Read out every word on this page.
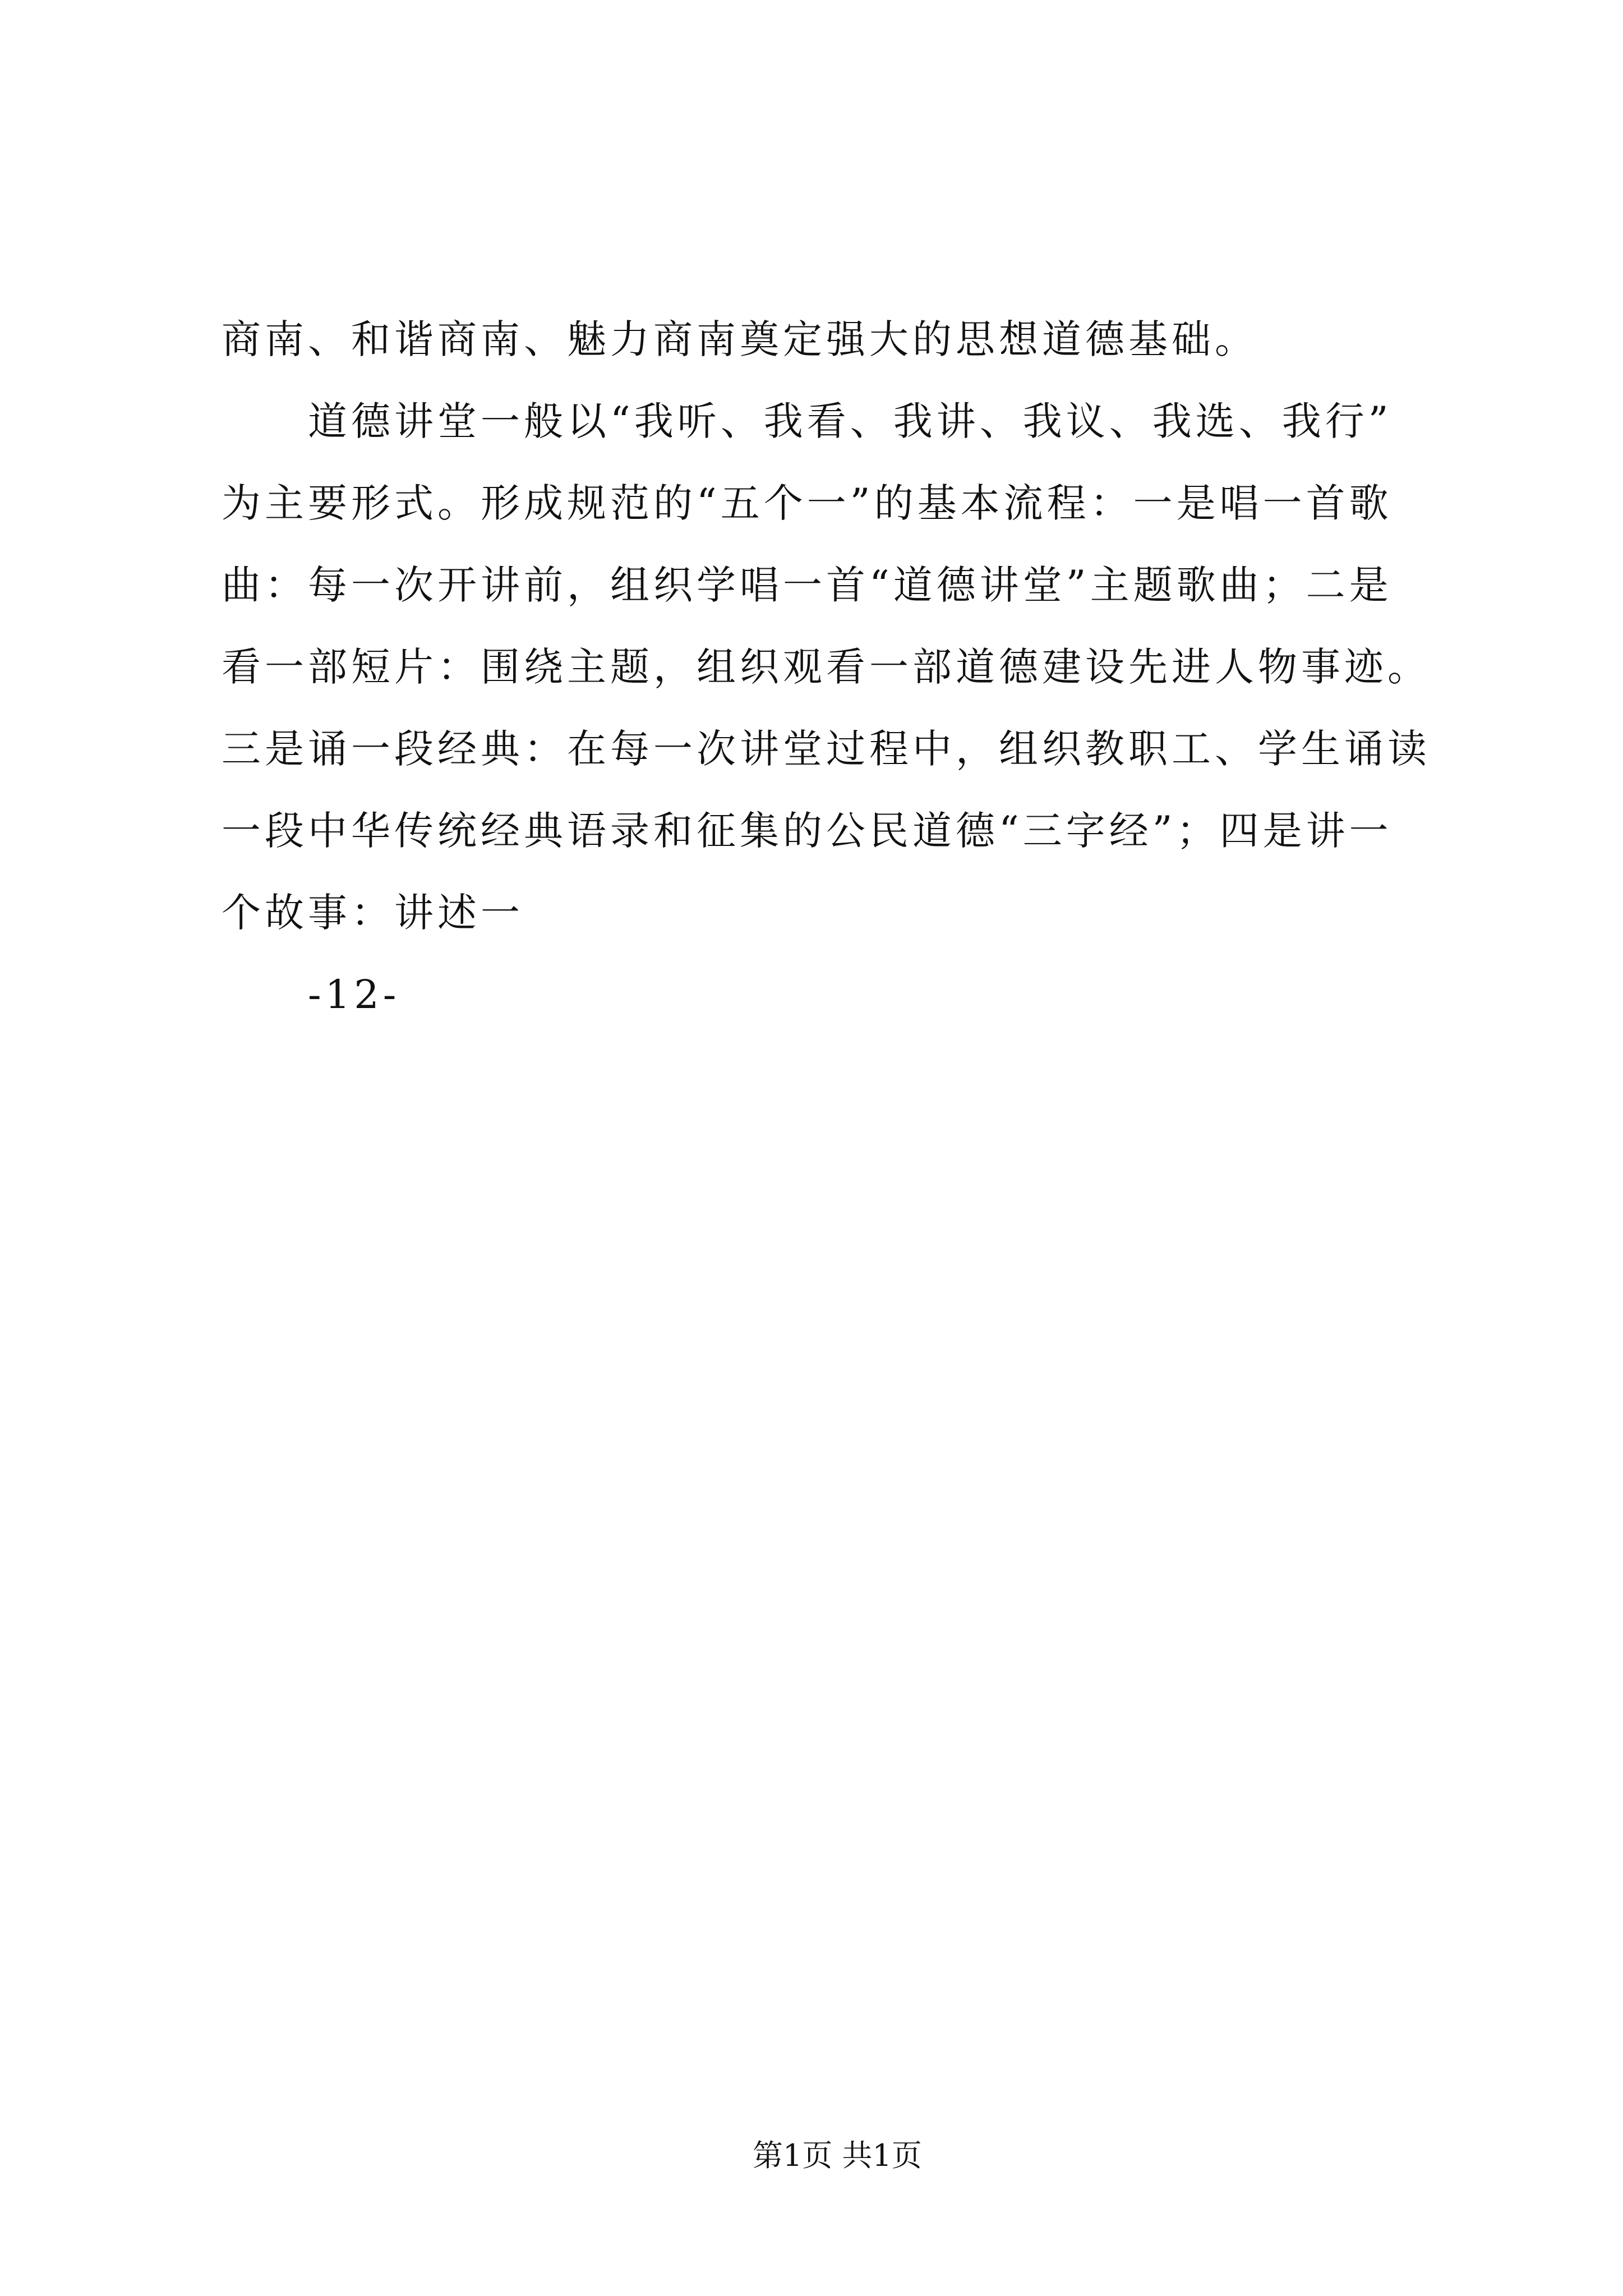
商南、和谐商南、魅力商南奠定强大的思想道德基础。
道德讲堂一般以“我听、我看、我讲、我议、我选、我行”
为主要形式。形成规范的“五个一”的基本流程：一是唱一首歌
曲：每一次开讲前，组织学唱一首“道德讲堂”主题歌曲；二是
看一部短片：围绕主题，组织观看一部道德建设先进人物事迹。
三是诵一段经典：在每一次讲堂过程中，组织教职工、学生诵读
一段中华传统经典语录和征集的公民道德“三字经”；四是讲一
个故事：讲述一
-12-
第1页 共1页
